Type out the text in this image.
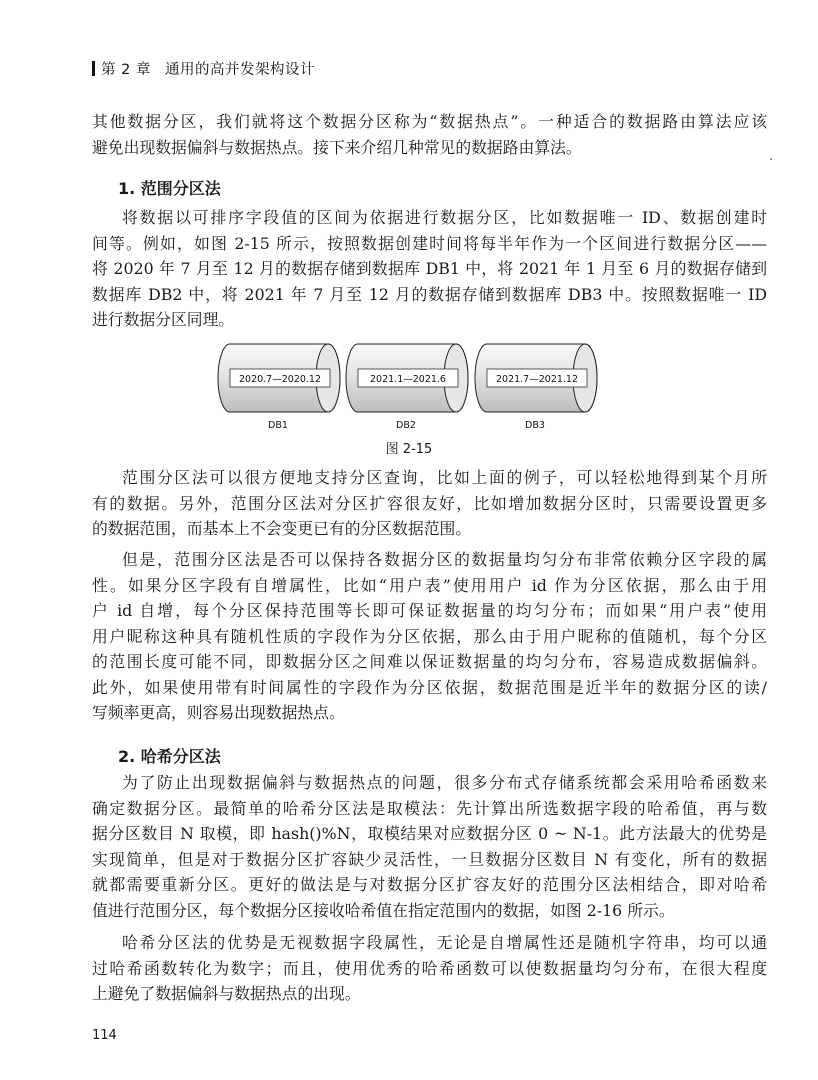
第 2 章 通用的高并发架构设计

其他数据分区，我们就将这个数据分区称为“数据热点”。一种适合的数据路由算法应该
避免出现数据偏斜与数据热点。接下来介绍几种常见的数据路由算法。

1. 范围分区法

将数据以可排序字段值的区间为依据进行数据分区，比如数据唯一 ID、数据创建时
间等。例如，如图 2-15 所示，按照数据创建时间将每半年作为一个区间进行数据分区——
将 2020 年 7 月至 12 月的数据存储到数据库 DB1 中，将 2021 年 1 月至 6 月的数据存储到
数据库 DB2 中，将 2021 年 7 月至 12 月的数据存储到数据库 DB3 中。按照数据唯一 ID
进行数据分区同理。

2020.7—2020.12
DB1
2021.1—2021.6
DB2
2021.7—2021.12
DB3
图 2-15

范围分区法可以很方便地支持分区查询，比如上面的例子，可以轻松地得到某个月所
有的数据。另外，范围分区法对分区扩容很友好，比如增加数据分区时，只需要设置更多
的数据范围，而基本上不会变更已有的分区数据范围。

但是，范围分区法是否可以保持各数据分区的数据量均匀分布非常依赖分区字段的属
性。如果分区字段有自增属性，比如“用户表”使用用户 id 作为分区依据，那么由于用
户 id 自增，每个分区保持范围等长即可保证数据量的均匀分布；而如果“用户表”使用
用户昵称这种具有随机性质的字段作为分区依据，那么由于用户昵称的值随机，每个分区
的范围长度可能不同，即数据分区之间难以保证数据量的均匀分布，容易造成数据偏斜。
此外，如果使用带有时间属性的字段作为分区依据，数据范围是近半年的数据分区的读/
写频率更高，则容易出现数据热点。

2. 哈希分区法

为了防止出现数据偏斜与数据热点的问题，很多分布式存储系统都会采用哈希函数来
确定数据分区。最简单的哈希分区法是取模法：先计算出所选数据字段的哈希值，再与数
据分区数目 N 取模，即 hash()%N，取模结果对应数据分区 0 ~ N-1。此方法最大的优势是
实现简单，但是对于数据分区扩容缺少灵活性，一旦数据分区数目 N 有变化，所有的数据
就都需要重新分区。更好的做法是与对数据分区扩容友好的范围分区法相结合，即对哈希
值进行范围分区，每个数据分区接收哈希值在指定范围内的数据，如图 2-16 所示。

哈希分区法的优势是无视数据字段属性，无论是自增属性还是随机字符串，均可以通
过哈希函数转化为数字；而且，使用优秀的哈希函数可以使数据量均匀分布，在很大程度
上避免了数据偏斜与数据热点的出现。

114
